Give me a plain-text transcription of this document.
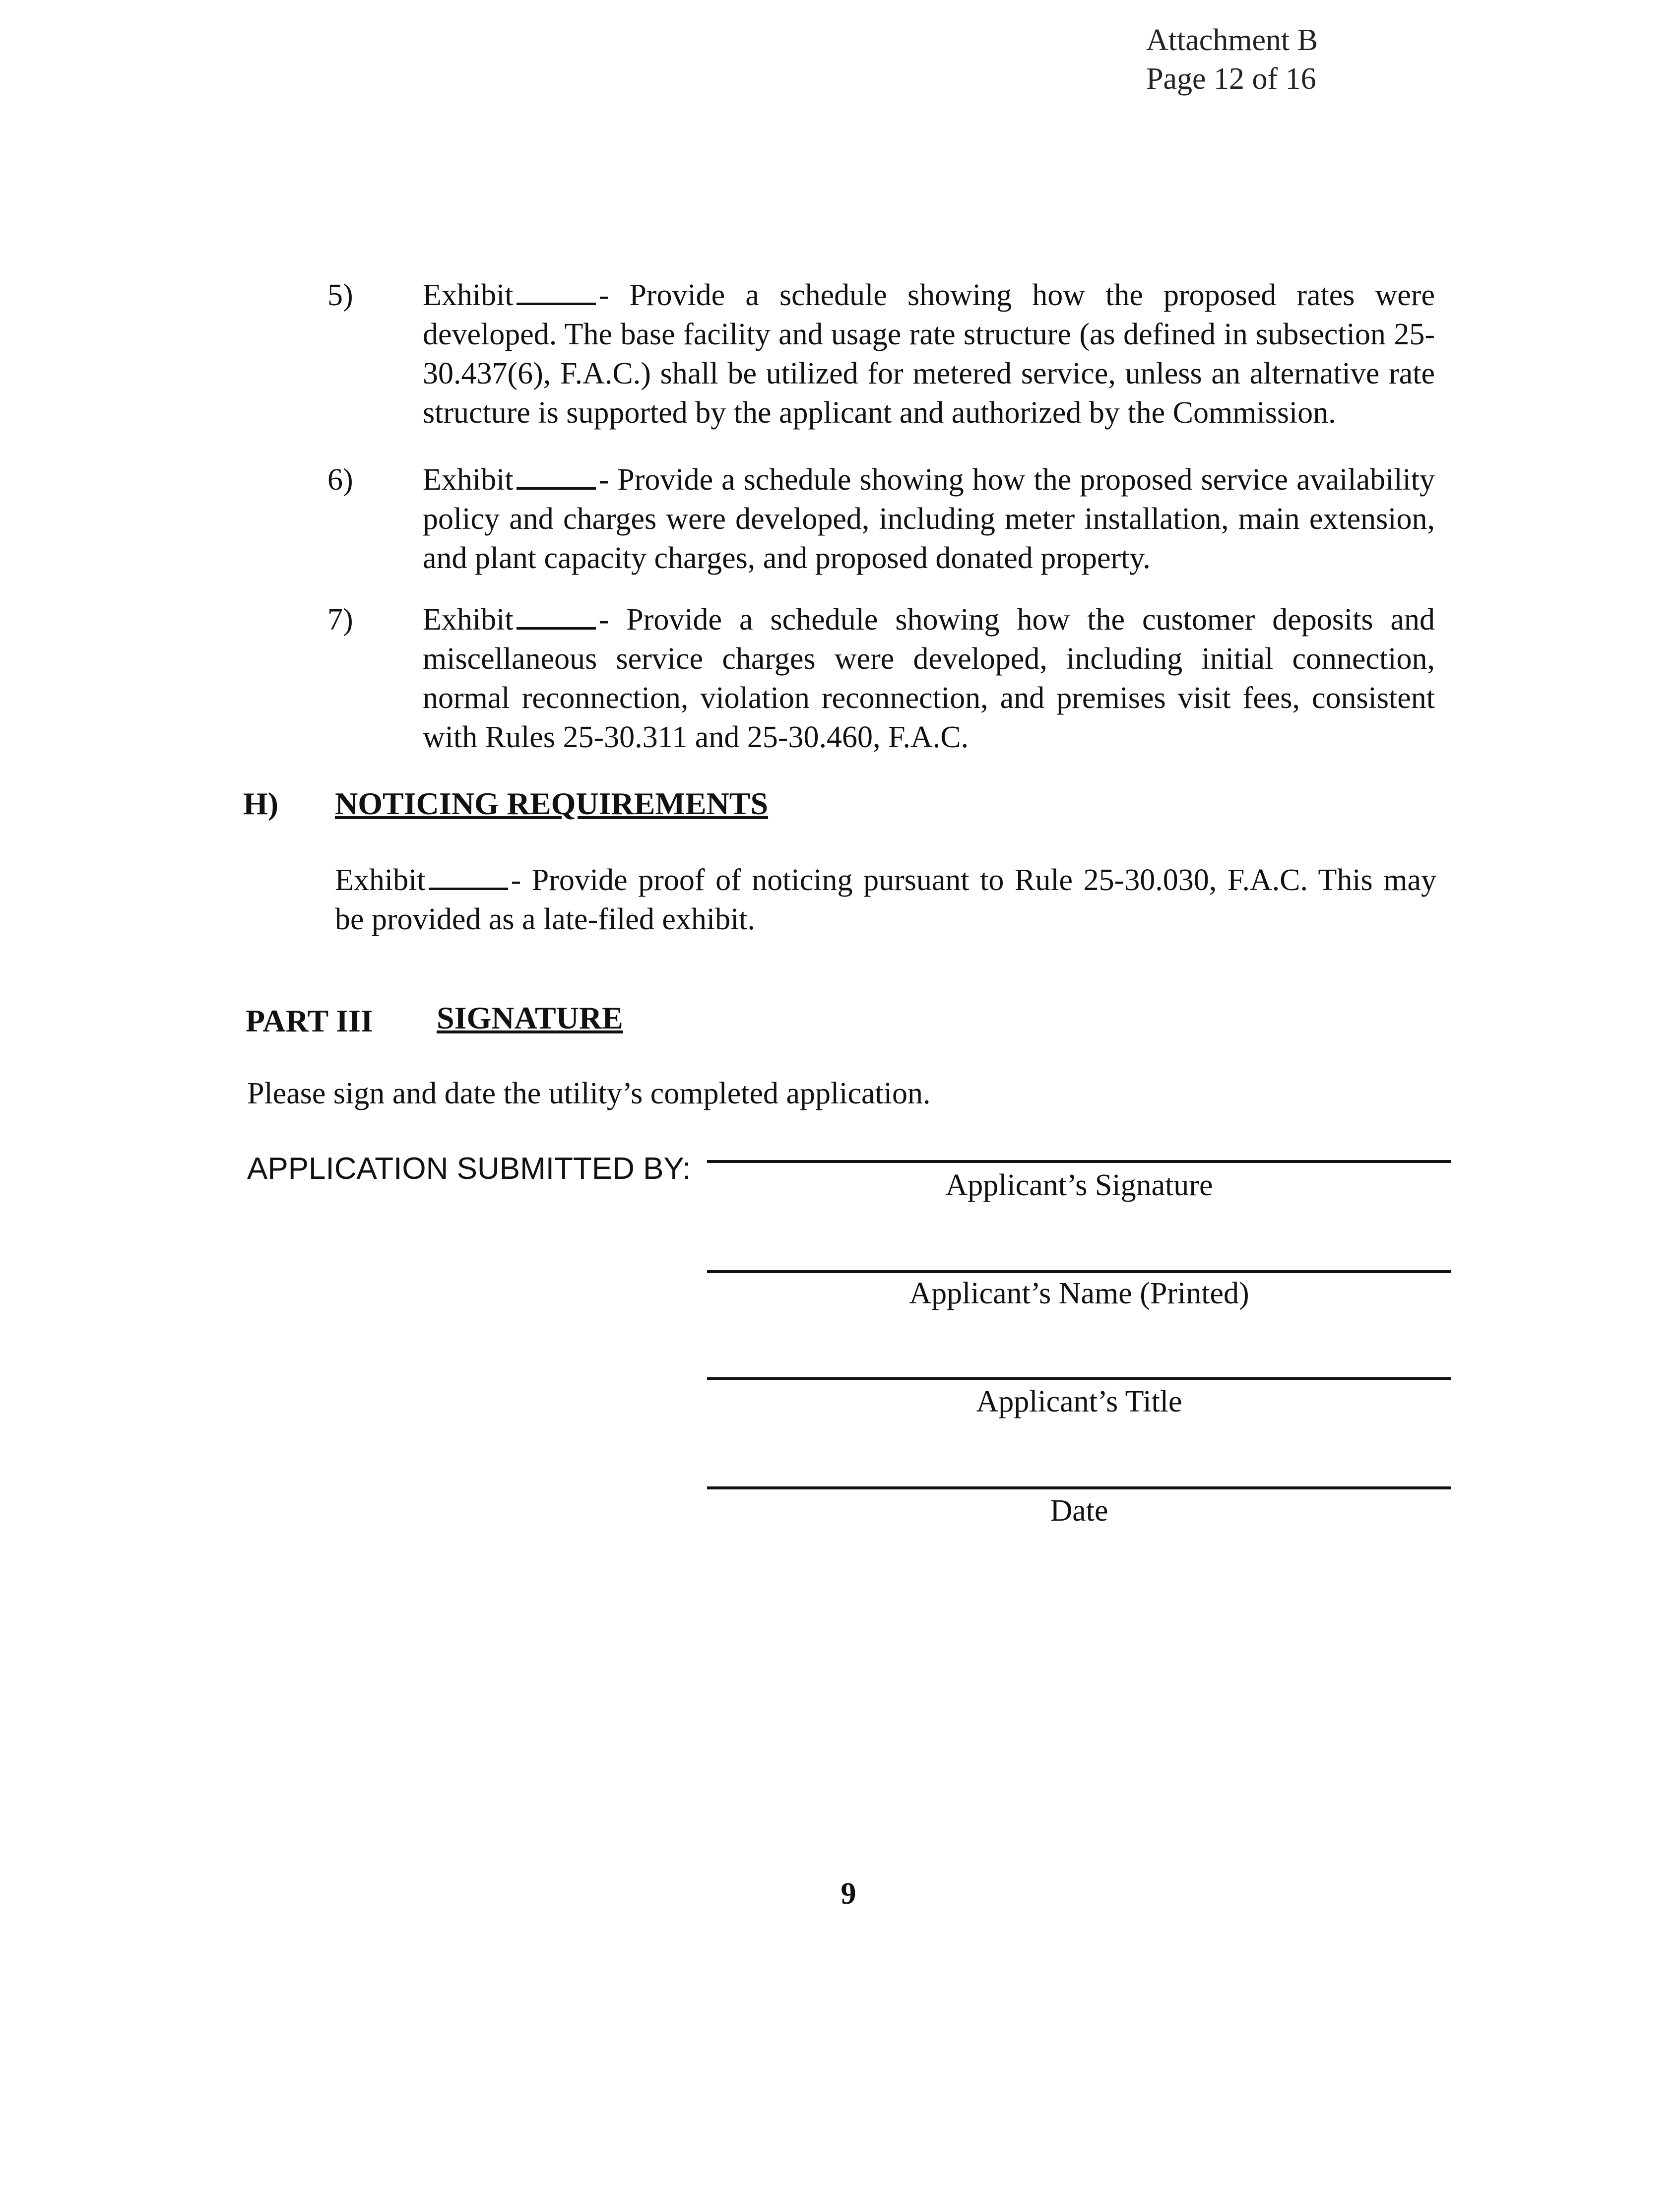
Attachment B
Page 12 of 16
5)	Exhibit	- Provide a schedule showing how the proposed rates were developed. The base facility and usage rate structure (as defined in subsection 25-30.437(6), F.A.C.) shall be utilized for metered service, unless an alternative rate structure is supported by the applicant and authorized by the Commission.
6)	Exhibit	- Provide a schedule showing how the proposed service availability policy and charges were developed, including meter installation, main extension, and plant capacity charges, and proposed donated property.
7)	Exhibit	- Provide a schedule showing how the customer deposits and miscellaneous service charges were developed, including initial connection, normal reconnection, violation reconnection, and premises visit fees, consistent with Rules 25-30.311 and 25-30.460, F.A.C.
H) NOTICING REQUIREMENTS
Exhibit	- Provide proof of noticing pursuant to Rule 25-30.030, F.A.C. This may be provided as a late-filed exhibit.
PART III SIGNATURE
Please sign and date the utility’s completed application.
APPLICATION SUBMITTED BY:	Applicant’s Signature
Applicant’s Name (Printed)
Applicant’s Title
Date
9
